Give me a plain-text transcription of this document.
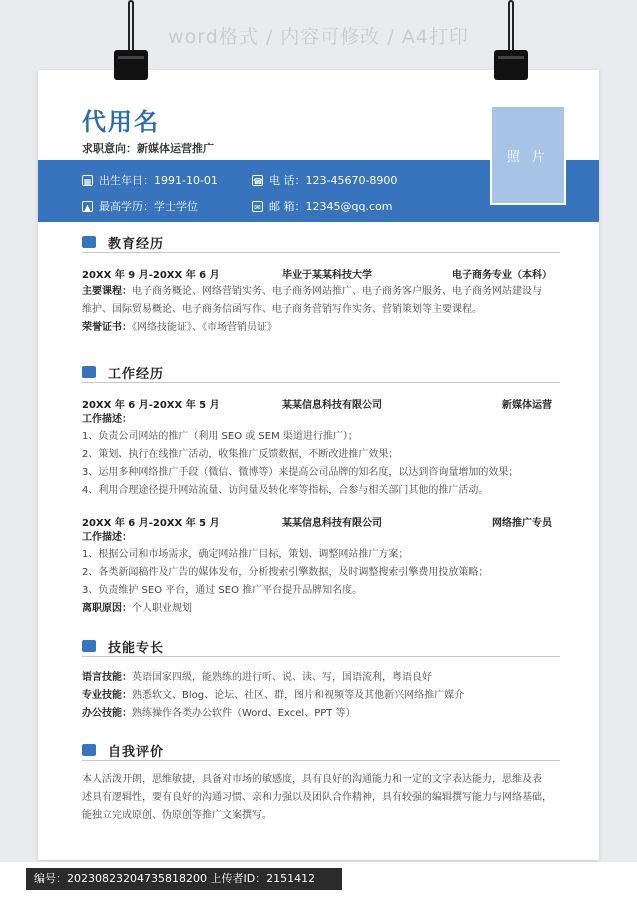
word格式 / 内容可修改 / A4打印
代用名
求职意向：新媒体运营推广
▦ 出生年日：1991-10-01	☎ 电 话：123-45670-8900
▲ 最高学历：学士学位	✉ 邮 箱：12345@qq.com
照 片
教育经历
20XX 年 9 月-20XX 年 6 月	毕业于某某科技大学	电子商务专业（本科）
主要课程：电子商务概论、网络营销实务、电子商务网站推广、电子商务客户服务、电子商务网站建设与
维护、国际贸易概论、电子商务信函写作、电子商务营销写作实务、营销策划等主要课程。
荣誉证书：《网络技能证》、《市场营销员证》
工作经历
20XX 年 6 月-20XX 年 5 月	某某信息科技有限公司	新媒体运营
工作描述：
1、负责公司网站的推广（利用 SEO 或 SEM 渠道进行推广）；
2、策划、执行在线推广活动，收集推广反馈数据，不断改进推广效果；
3、运用多种网络推广手段（微信、微博等）来提高公司品牌的知名度，以达到咨询量增加的效果；
4、利用合理途径提升网站流量、访问量及转化率等指标，合参与相关部门其他的推广活动。
20XX 年 6 月-20XX 年 5 月	某某信息科技有限公司	网络推广专员
工作描述：
1、根据公司和市场需求，确定网站推广目标，策划、调整网站推广方案；
2、各类新闻稿件及广告的媒体发布，分析搜索引擎数据，及时调整搜索引擎费用投放策略；
3、负责维护 SEO 平台，通过 SEO 推广平台提升品牌知名度。
离职原因：个人职业规划
技能专长
语言技能：英语国家四级，能熟练的进行听、说、读、写，国语流利，粤语良好
专业技能：熟悉软文、Blog、论坛、社区、群，图片和视频等及其他新兴网络推广媒介
办公技能：熟练操作各类办公软件（Word、Excel、PPT 等）
自我评价
本人活泼开朗，思维敏捷，具备对市场的敏感度，具有良好的沟通能力和一定的文字表达能力，思维及表
述具有逻辑性，要有良好的沟通习惯、亲和力强以及团队合作精神，具有较强的编辑撰写能力与网络基础，
能独立完成原创、伪原创等推广文案撰写。
编号：20230823204735818200 上传者ID：2151412
